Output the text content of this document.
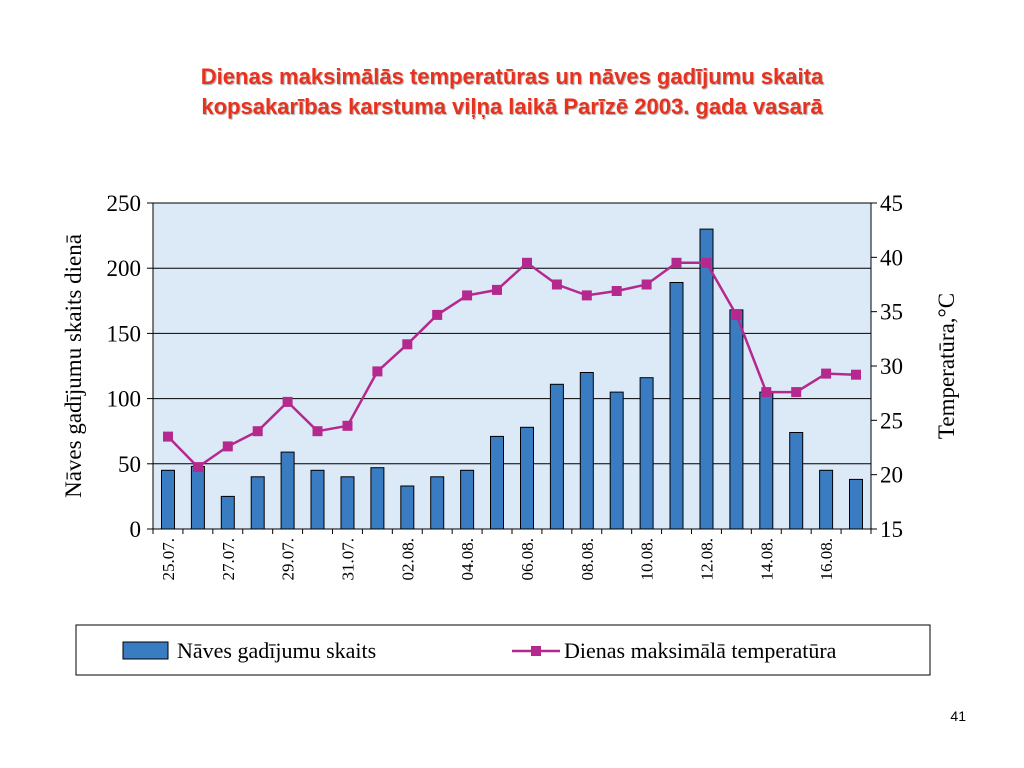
Dienas maksimālās temperatūras un nāves gadījumu skaita
kopsakarības karstuma viļņa laikā Parīzē 2003. gada vasarā
0
50
100
150
200
250
15
20
25
30
35
40
45
25.07. 27.07. 29.07. 31.07. 02.08. 04.08. 06.08. 08.08. 10.08. 12.08. 14.08. 16.08.
Nāves gadījumu skaits dienā	Temperatūra,°C
Nāves gadījumu skaits	Dienas maksimālā temperatūra
41
